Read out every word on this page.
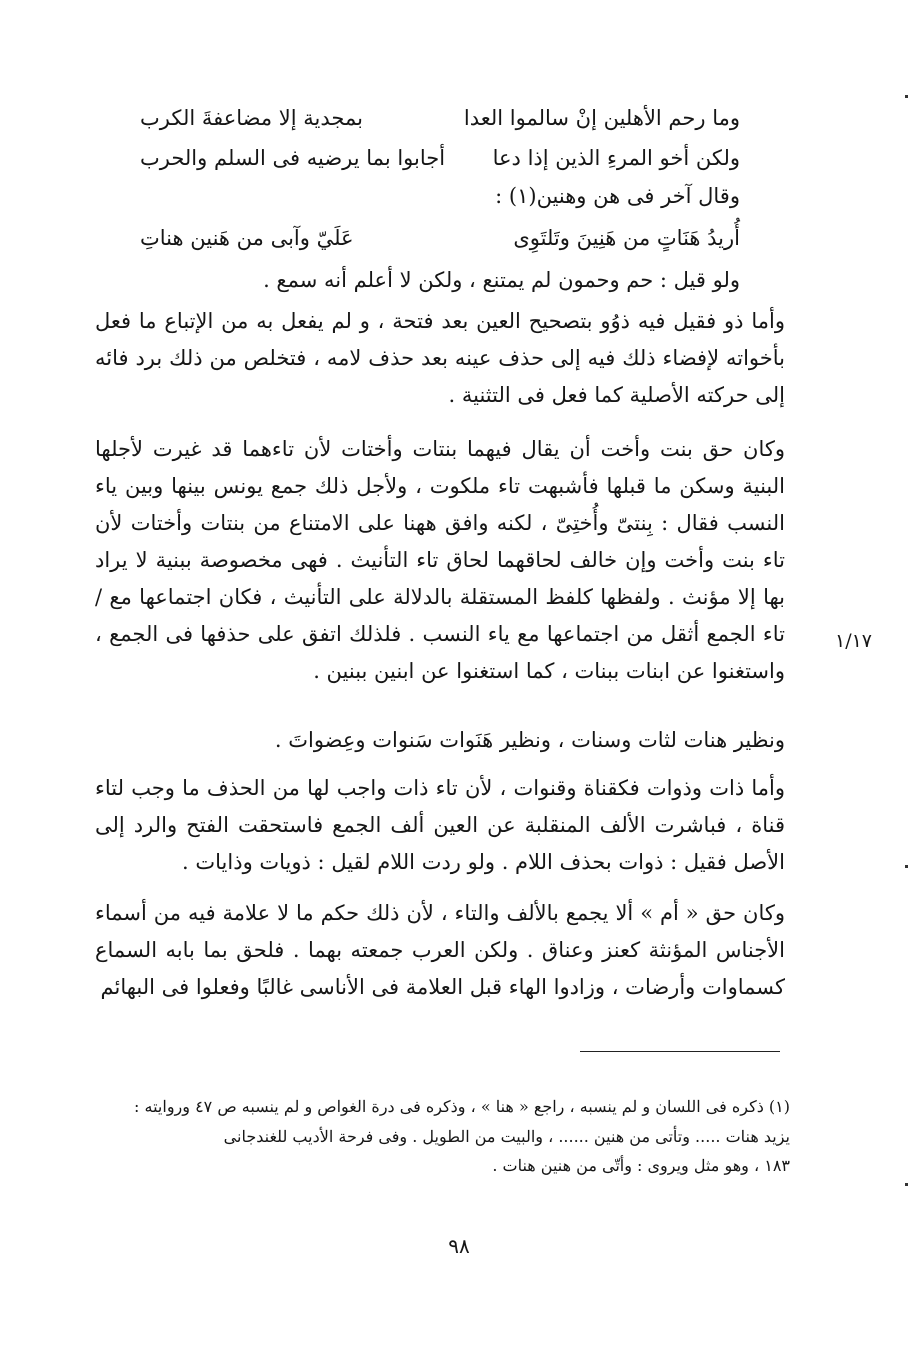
وما رحم الأهلين إنْ سالموا العدا
بمجدية إلا مضاعفةَ الكرب
ولكن أخو المرءِ الذين إذا دعا
أجابوا بما يرضيه فى السلم والحرب
وقال آخر فى هن وهنين(١) :
أُريدُ هَنَاتٍ من هَنِينَ وتَلتَوِى
عَلَيّ وآبى من هَنين هناتِ
ولو قيل : حم وحمون لم يمتنع ، ولكن لا أعلم أنه سمع .

وأما ذو فقيل فيه ذوُو بتصحيح العين بعد فتحة ، و لم يفعل به من الإتباع ما فعل بأخواته لإفضاء ذلك فيه إلى حذف عينه بعد حذف لامه ، فتخلص من ذلك برد فائه إلى حركته الأصلية كما فعل فى التثنية .

وكان حق بنت وأخت أن يقال فيهما بنتات وأختات لأن تاءهما قد غيرت لأجلها البنية وسكن ما قبلها فأشبهت تاء ملكوت ، ولأجل ذلك جمع يونس بينها وبين ياء النسب فقال : بِنتىّ وأُختِىّ ، لكنه وافق ههنا على الامتناع من بنتات وأختات لأن تاء بنت وأخت وإن خالف لحاقهما لحاق تاء التأنيث . فهى مخصوصة ببنية لا يراد بها إلا مؤنث . ولفظها كلفظ المستقلة بالدلالة على التأنيث ، فكان اجتماعها مع / تاء الجمع أثقل من اجتماعها مع ياء النسب . فلذلك اتفق على حذفها فى الجمع ، واستغنوا عن ابنات ببنات ، كما استغنوا عن ابنين ببنين .

١/١٧

ونظير هنات لثات وسنات ، ونظير هَنَوات سَنوات وعِضواتَ .

وأما ذات وذوات فكقناة وقنوات ، لأن تاء ذات واجب لها من الحذف ما وجب لتاء قناة ، فباشرت الألف المنقلبة عن العين ألف الجمع فاستحقت الفتح والرد إلى الأصل فقيل : ذوات بحذف اللام . ولو ردت اللام لقيل : ذويات وذايات .

وكان حق « أم » ألا يجمع بالألف والتاء ، لأن ذلك حكم ما لا علامة فيه من أسماء الأجناس المؤنثة كعنز وعناق . ولكن العرب جمعته بهما . فلحق بما بابه السماع كسماوات وأرضات ، وزادوا الهاء قبل العلامة فى الأناسى غالبًا وفعلوا فى البهائم

(١) ذكره فى اللسان و لم ينسبه ، راجع « هنا » ، وذكره فى درة الغواص و لم ينسبه ص ٤٧ وروايته :
يزيد هنات ..... وتأتى من هنين ...... ، والبيت من الطويل . وفى فرحة الأديب للغندجانى
١٨٣ ، وهو مثل ويروى : وأتّى من هنين هنات .
٩٨
